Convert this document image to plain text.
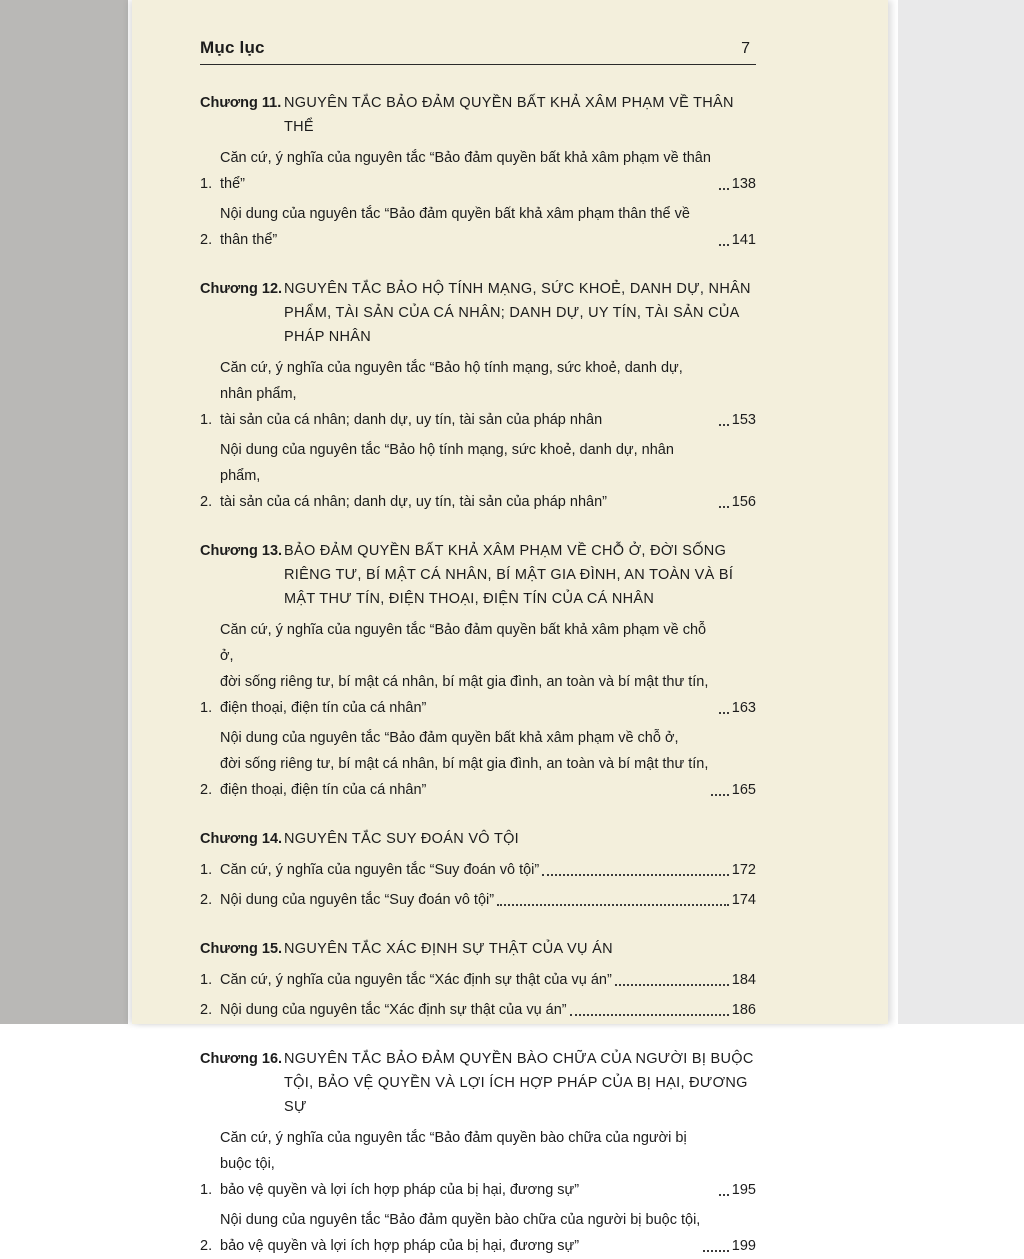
Mục lục	7
Chương 11. NGUYÊN TẮC BẢO ĐẢM QUYỀN BẤT KHẢ XÂM PHẠM VỀ THÂN THỂ
1.
Căn cứ, ý nghĩa của nguyên tắc “Bảo đảm quyền bất khả xâm phạm về thân thể”	138
2.
Nội dung của nguyên tắc “Bảo đảm quyền bất khả xâm phạm thân thể về thân thể”	141
Chương 12. NGUYÊN TẮC BẢO HỘ TÍNH MẠNG, SỨC KHOẺ, DANH DỰ, NHÂN PHẨM, TÀI SẢN CỦA CÁ NHÂN; DANH DỰ, UY TÍN, TÀI SẢN CỦA PHÁP NHÂN
1.
Căn cứ, ý nghĩa của nguyên tắc “Bảo hộ tính mạng, sức khoẻ, danh dự, nhân phẩm,
tài sản của cá nhân; danh dự, uy tín, tài sản của pháp nhân	153
2.
Nội dung của nguyên tắc “Bảo hộ tính mạng, sức khoẻ, danh dự, nhân phẩm,
tài sản của cá nhân; danh dự, uy tín, tài sản của pháp nhân”	156
Chương 13. BẢO ĐẢM QUYỀN BẤT KHẢ XÂM PHẠM VỀ CHỖ Ở, ĐỜI SỐNG RIÊNG TƯ, BÍ MẬT CÁ NHÂN, BÍ MẬT GIA ĐÌNH, AN TOÀN VÀ BÍ MẬT THƯ TÍN, ĐIỆN THOẠI, ĐIỆN TÍN CỦA CÁ NHÂN
1.
Căn cứ, ý nghĩa của nguyên tắc “Bảo đảm quyền bất khả xâm phạm về chỗ ở,
đời sống riêng tư, bí mật cá nhân, bí mật gia đình, an toàn và bí mật thư tín,
điện thoại, điện tín của cá nhân”	163
2.
Nội dung của nguyên tắc “Bảo đảm quyền bất khả xâm phạm về chỗ ở,
đời sống riêng tư, bí mật cá nhân, bí mật gia đình, an toàn và bí mật thư tín,
điện thoại, điện tín của cá nhân”	165
Chương 14. NGUYÊN TẮC SUY ĐOÁN VÔ TỘI
1. Căn cứ, ý nghĩa của nguyên tắc “Suy đoán vô tội”	172
2. Nội dung của nguyên tắc “Suy đoán vô tội”	174
Chương 15. NGUYÊN TẮC XÁC ĐỊNH SỰ THẬT CỦA VỤ ÁN
1. Căn cứ, ý nghĩa của nguyên tắc “Xác định sự thật của vụ án”	184
2. Nội dung của nguyên tắc “Xác định sự thật của vụ án”	186
Chương 16. NGUYÊN TẮC BẢO ĐẢM QUYỀN BÀO CHỮA CỦA NGƯỜI BỊ BUỘC TỘI, BẢO VỆ QUYỀN VÀ LỢI ÍCH HỢP PHÁP CỦA BỊ HẠI, ĐƯƠNG SỰ
1.
Căn cứ, ý nghĩa của nguyên tắc “Bảo đảm quyền bào chữa của người bị buộc tội,
bảo vệ quyền và lợi ích hợp pháp của bị hại, đương sự”	195
2.
Nội dung của nguyên tắc “Bảo đảm quyền bào chữa của người bị buộc tội,
bảo vệ quyền và lợi ích hợp pháp của bị hại, đương sự”	199
